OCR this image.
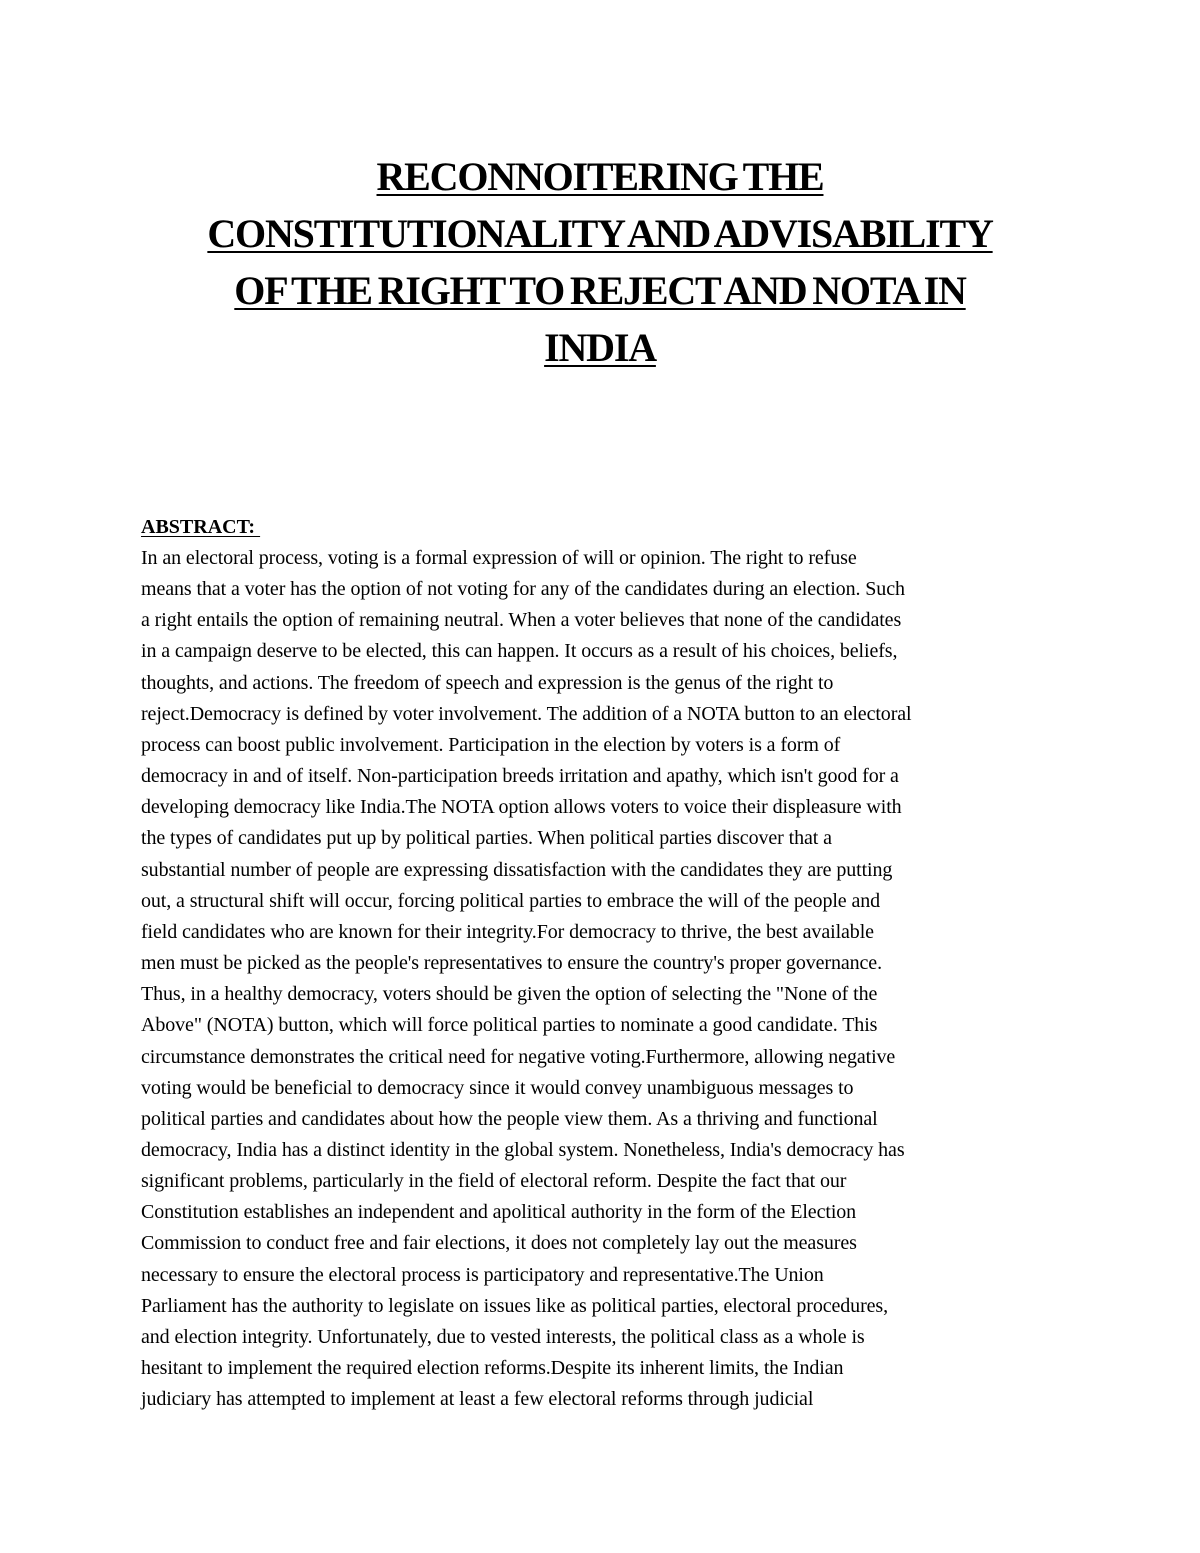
RECONNOITERING THE
CONSTITUTIONALITY AND ADVISABILITY
OF THE RIGHT TO REJECT AND NOTA IN
INDIA
ABSTRACT:
In an electoral process, voting is a formal expression of will or opinion. The right to refuse
means that a voter has the option of not voting for any of the candidates during an election. Such
a right entails the option of remaining neutral. When a voter believes that none of the candidates
in a campaign deserve to be elected, this can happen. It occurs as a result of his choices, beliefs,
thoughts, and actions. The freedom of speech and expression is the genus of the right to
reject.Democracy is defined by voter involvement. The addition of a NOTA button to an electoral
process can boost public involvement. Participation in the election by voters is a form of
democracy in and of itself. Non-participation breeds irritation and apathy, which isn't good for a
developing democracy like India.The NOTA option allows voters to voice their displeasure with
the types of candidates put up by political parties. When political parties discover that a
substantial number of people are expressing dissatisfaction with the candidates they are putting
out, a structural shift will occur, forcing political parties to embrace the will of the people and
field candidates who are known for their integrity.For democracy to thrive, the best available
men must be picked as the people's representatives to ensure the country's proper governance.
Thus, in a healthy democracy, voters should be given the option of selecting the "None of the
Above" (NOTA) button, which will force political parties to nominate a good candidate. This
circumstance demonstrates the critical need for negative voting.Furthermore, allowing negative
voting would be beneficial to democracy since it would convey unambiguous messages to
political parties and candidates about how the people view them. As a thriving and functional
democracy, India has a distinct identity in the global system. Nonetheless, India's democracy has
significant problems, particularly in the field of electoral reform. Despite the fact that our
Constitution establishes an independent and apolitical authority in the form of the Election
Commission to conduct free and fair elections, it does not completely lay out the measures
necessary to ensure the electoral process is participatory and representative.The Union
Parliament has the authority to legislate on issues like as political parties, electoral procedures,
and election integrity. Unfortunately, due to vested interests, the political class as a whole is
hesitant to implement the required election reforms.Despite its inherent limits, the Indian
judiciary has attempted to implement at least a few electoral reforms through judicial
